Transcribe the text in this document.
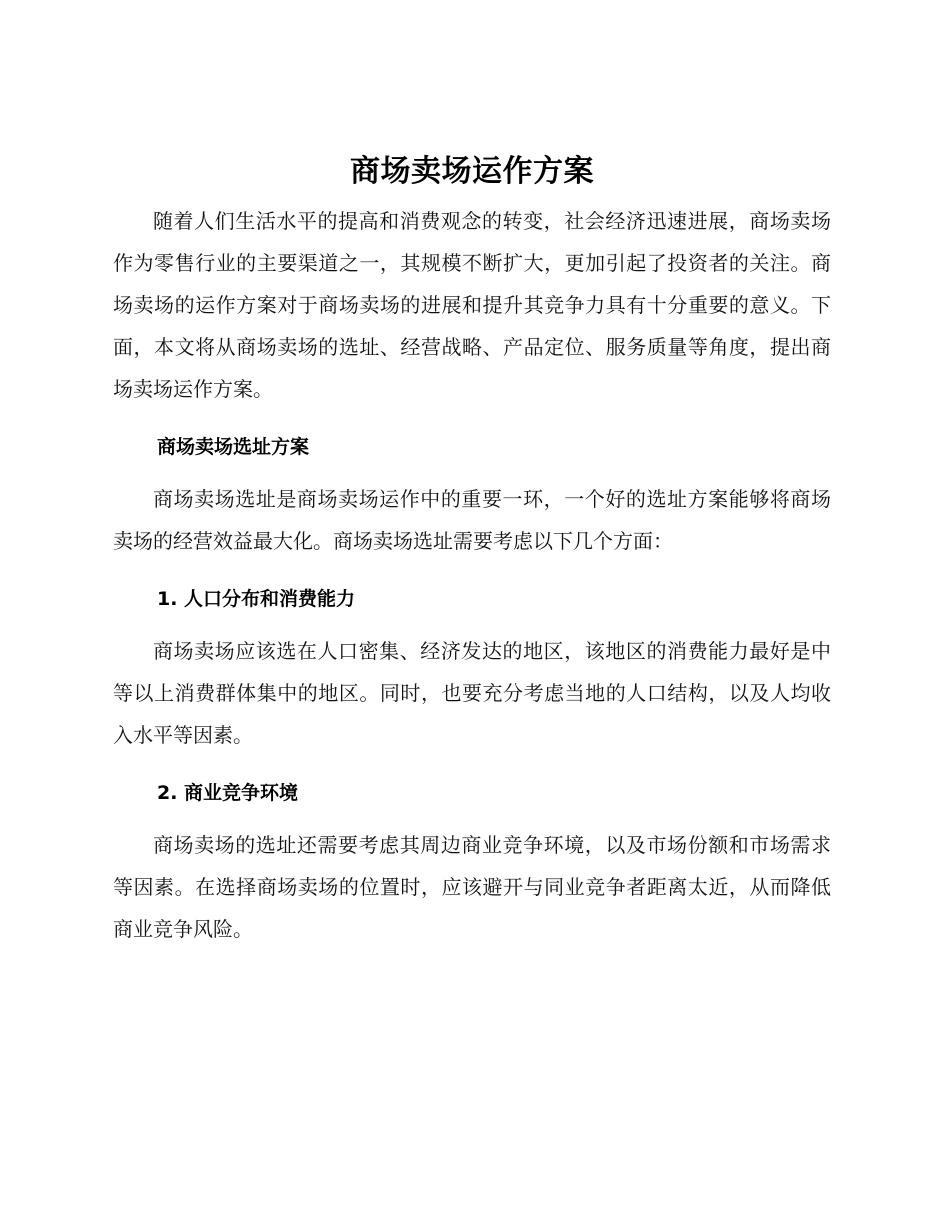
商场卖场运作方案

随着人们生活水平的提高和消费观念的转变，社会经济迅速进展，商场卖场作为零售行业的主要渠道之一，其规模不断扩大，更加引起了投资者的关注。商场卖场的运作方案对于商场卖场的进展和提升其竞争力具有十分重要的意义。下面，本文将从商场卖场的选址、经营战略、产品定位、服务质量等角度，提出商场卖场运作方案。

商场卖场选址方案

商场卖场选址是商场卖场运作中的重要一环，一个好的选址方案能够将商场卖场的经营效益最大化。商场卖场选址需要考虑以下几个方面：

1. 人口分布和消费能力

商场卖场应该选在人口密集、经济发达的地区，该地区的消费能力最好是中等以上消费群体集中的地区。同时，也要充分考虑当地的人口结构，以及人均收入水平等因素。

2. 商业竞争环境

商场卖场的选址还需要考虑其周边商业竞争环境，以及市场份额和市场需求等因素。在选择商场卖场的位置时，应该避开与同业竞争者距离太近，从而降低商业竞争风险。
